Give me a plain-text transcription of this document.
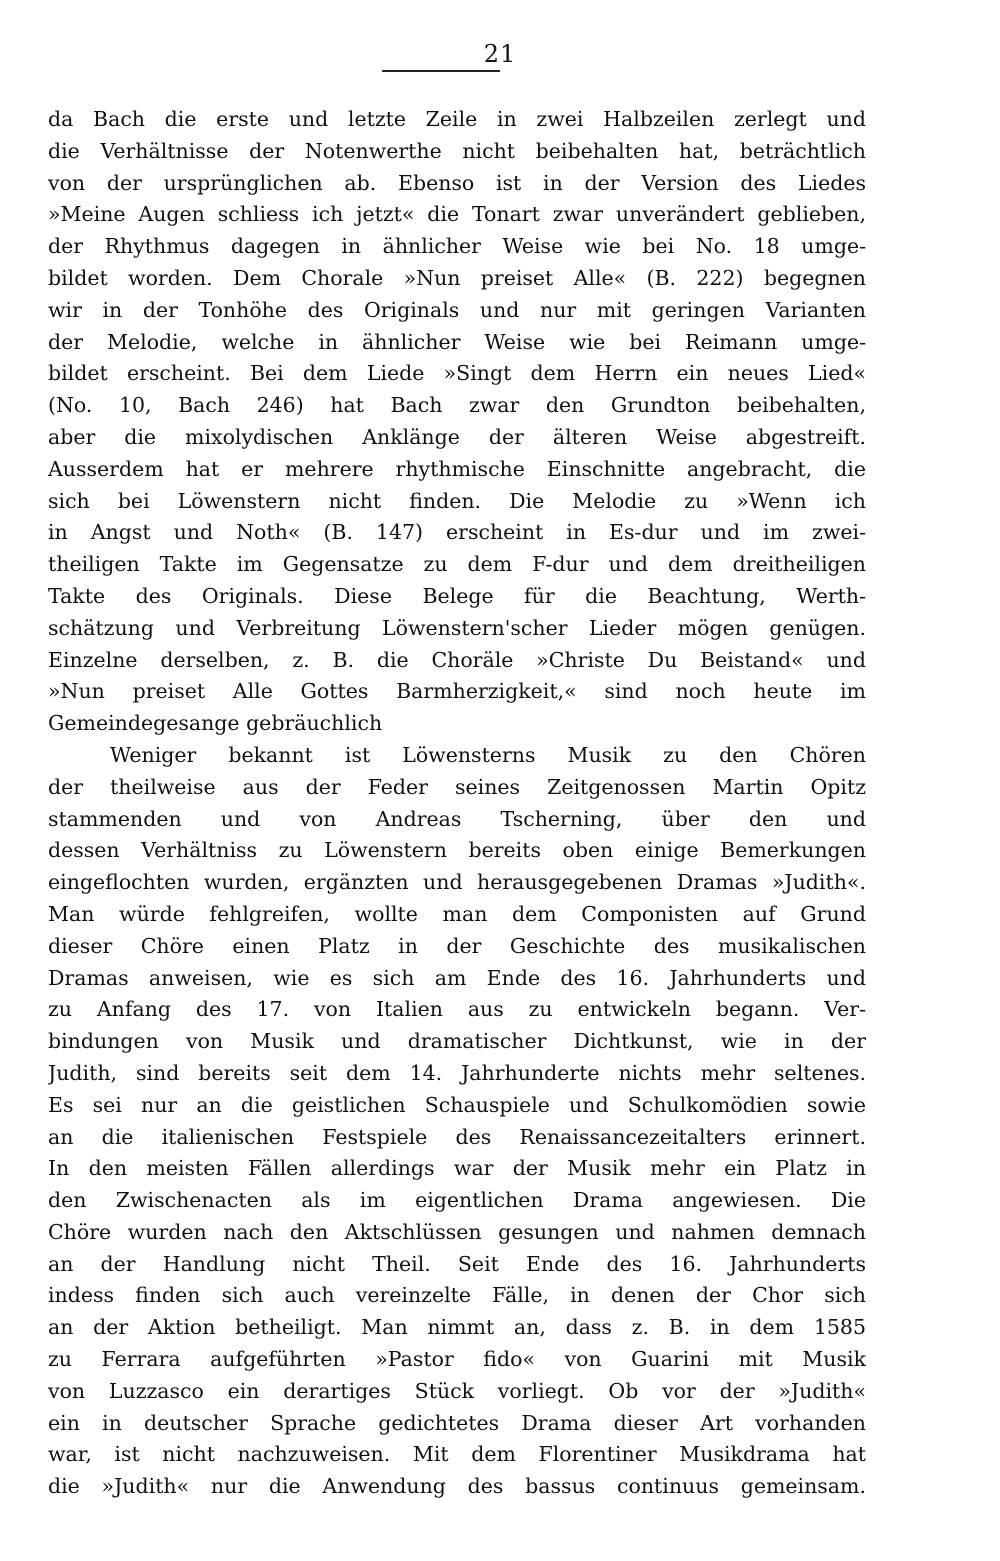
21
da Bach die erste und letzte Zeile in zwei Halbzeilen zerlegt und
die Verhältnisse der Notenwerthe nicht beibehalten hat, beträchtlich
von der ursprünglichen ab. Ebenso ist in der Version des Liedes
»Meine Augen schliess ich jetzt« die Tonart zwar unverändert geblieben,
der Rhythmus dagegen in ähnlicher Weise wie bei No. 18 umge-
bildet worden. Dem Chorale »Nun preiset Alle« (B. 222) begegnen
wir in der Tonhöhe des Originals und nur mit geringen Varianten
der Melodie, welche in ähnlicher Weise wie bei Reimann umge-
bildet erscheint. Bei dem Liede »Singt dem Herrn ein neues Lied«
(No. 10, Bach 246) hat Bach zwar den Grundton beibehalten,
aber die mixolydischen Anklänge der älteren Weise abgestreift.
Ausserdem hat er mehrere rhythmische Einschnitte angebracht, die
sich bei Löwenstern nicht finden. Die Melodie zu »Wenn ich
in Angst und Noth« (B. 147) erscheint in Es-dur und im zwei-
theiligen Takte im Gegensatze zu dem F-dur und dem dreitheiligen
Takte des Originals. Diese Belege für die Beachtung, Werth-
schätzung und Verbreitung Löwenstern'scher Lieder mögen genügen.
Einzelne derselben, z. B. die Choräle »Christe Du Beistand« und
»Nun preiset Alle Gottes Barmherzigkeit,« sind noch heute im
Gemeindegesange gebräuchlich
Weniger bekannt ist Löwensterns Musik zu den Chören
der theilweise aus der Feder seines Zeitgenossen Martin Opitz
stammenden und von Andreas Tscherning, über den und
dessen Verhältniss zu Löwenstern bereits oben einige Bemerkungen
eingeflochten wurden, ergänzten und herausgegebenen Dramas »Judith«.
Man würde fehlgreifen, wollte man dem Componisten auf Grund
dieser Chöre einen Platz in der Geschichte des musikalischen
Dramas anweisen, wie es sich am Ende des 16. Jahrhunderts und
zu Anfang des 17. von Italien aus zu entwickeln begann. Ver-
bindungen von Musik und dramatischer Dichtkunst, wie in der
Judith, sind bereits seit dem 14. Jahrhunderte nichts mehr seltenes.
Es sei nur an die geistlichen Schauspiele und Schulkomödien sowie
an die italienischen Festspiele des Renaissancezeitalters erinnert.
In den meisten Fällen allerdings war der Musik mehr ein Platz in
den Zwischenacten als im eigentlichen Drama angewiesen. Die
Chöre wurden nach den Aktschlüssen gesungen und nahmen demnach
an der Handlung nicht Theil. Seit Ende des 16. Jahrhunderts
indess finden sich auch vereinzelte Fälle, in denen der Chor sich
an der Aktion betheiligt. Man nimmt an, dass z. B. in dem 1585
zu Ferrara aufgeführten »Pastor fido« von Guarini mit Musik
von Luzzasco ein derartiges Stück vorliegt. Ob vor der »Judith«
ein in deutscher Sprache gedichtetes Drama dieser Art vorhanden
war, ist nicht nachzuweisen. Mit dem Florentiner Musikdrama hat
die »Judith« nur die Anwendung des bassus continuus gemeinsam.
